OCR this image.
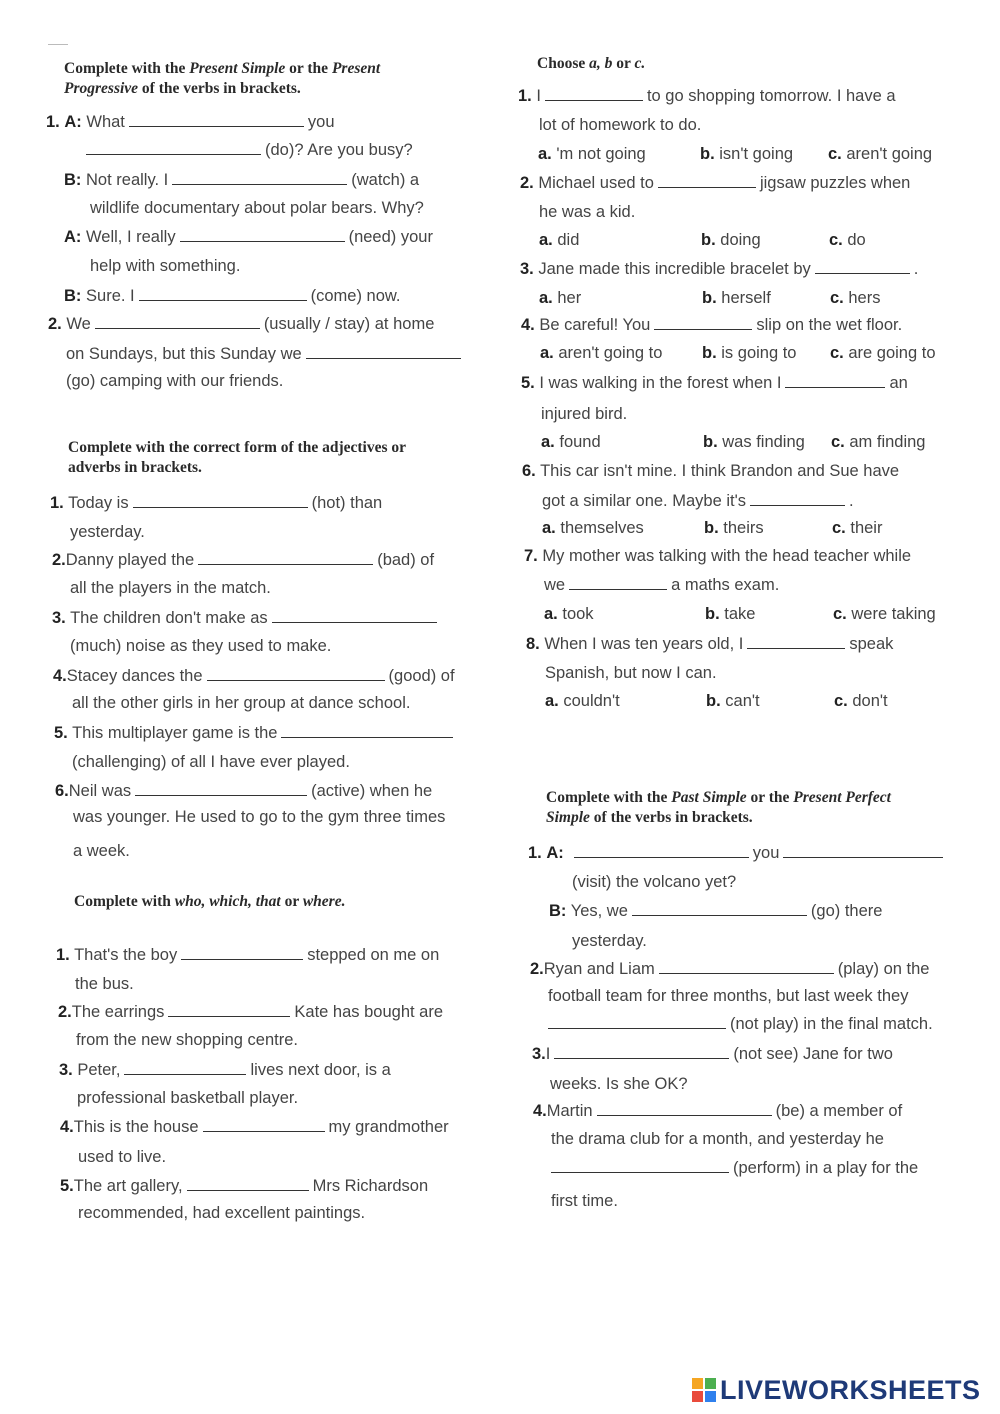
Complete with the Present Simple or the Present
Progressive of the verbs in brackets.
1. A: What	you
(do)? Are you busy?
B: Not really. I	(watch) a
wildlife documentary about polar bears. Why?
A: Well, I really	(need) your
help with something.
B: Sure. I	(come) now.
2. We	(usually / stay) at home
on Sundays, but this Sunday we
(go) camping with our friends.
Complete with the correct form of the adjectives or
adverbs in brackets.
1. Today is	(hot) than
yesterday.
2.Danny played the	(bad) of
all the players in the match.
3. The children don't make as
(much) noise as they used to make.
4.Stacey dances the	(good) of
all the other girls in her group at dance school.
5. This multiplayer game is the
(challenging) of all I have ever played.
6.Neil was	(active) when he
was younger. He used to go to the gym three times
a week.
Complete with who, which, that or where.
1. That's the boy	stepped on me on
the bus.
2.The earrings	Kate has bought are
from the new shopping centre.
3. Peter,	lives next door, is a
professional basketball player.
4.This is the house	my grandmother
used to live.
5.The art gallery,	Mrs Richardson
recommended, had excellent paintings.
Choose a, b or c.
1. I	to go shopping tomorrow. I have a
lot of homework to do.
a. 'm not going	b. isn't going c. aren't going
2. Michael used to	jigsaw puzzles when
he was a kid.
a. did	b. doing	c. do
3. Jane made this incredible bracelet by	.
a. her	b. herself	c. hers
4. Be careful! You	slip on the wet floor.
a. aren't going to b. is going to c. are going to
5. I was walking in the forest when I	an
injured bird.
a. found	b. was finding c. am finding
6. This car isn't mine. I think Brandon and Sue have
got a similar one. Maybe it's	.
a. themselves	b. theirs	c. their
7. My mother was talking with the head teacher while
we	a maths exam.
a. took	b. take	c. were taking
8. When I was ten years old, I	speak
Spanish, but now I can.
a. couldn't	b. can't	c. don't
Complete with the Past Simple or the Present Perfect
Simple of the verbs in brackets.
1. A:	you
(visit) the volcano yet?
B: Yes, we	(go) there
yesterday.
2.Ryan and Liam	(play) on the
football team for three months, but last week they
(not play) in the final match.
3.I	(not see) Jane for two
weeks. Is she OK?
4.Martin	(be) a member of
the drama club for a month, and yesterday he
(perform) in a play for the
first time.
LIVEWORKSHEETS
